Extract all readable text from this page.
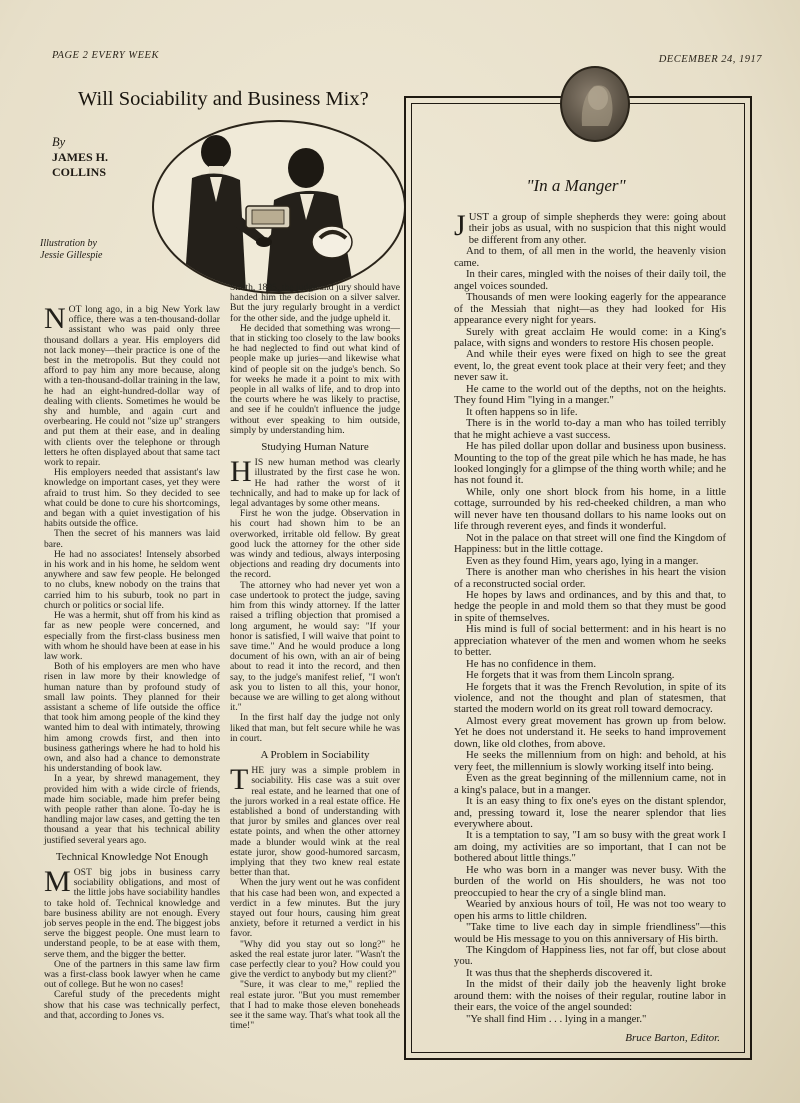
PAGE 2 EVERY WEEK	DECEMBER 24, 1917
Will Sociability and Business Mix?
By
JAMES H.
COLLINS
Illustration by
Jessie Gillespie

NOT long ago, in a big New York law office, there was a ten-thousand-dollar assistant who was paid only three thousand dollars a year. His employers did not lack money—their practice is one of the best in the metropolis. But they could not afford to pay him any more because, along with a ten-thousand-dollar training in the law, he had an eight-hundred-dollar way of dealing with clients. Sometimes he would be shy and humble, and again curt and overbearing. He could not "size up" strangers and put them at their ease, and in dealing with clients over the telephone or through letters he often displayed about that same tact work to repair.

His employers needed that assistant's law knowledge on important cases, yet they were afraid to trust him. So they decided to see what could be done to cure his shortcomings, and began with a quiet investigation of his habits outside the office.

Then the secret of his manners was laid bare.

He had no associates! Intensely absorbed in his work and in his home, he seldom went anywhere and saw few people. He belonged to no clubs, knew nobody on the trains that carried him to his suburb, took no part in church or politics or social life.

He was a hermit, shut off from his kind as far as new people were concerned, and especially from the first-class business men with whom he should have been at ease in his law work.

Both of his employers are men who have risen in law more by their knowledge of human nature than by profound study of small law points. They planned for their assistant a scheme of life outside the office that took him among people of the kind they wanted him to deal with intimately, throwing him among crowds first, and then into business gatherings where he had to hold his own, and also had a chance to demonstrate his understanding of book law.

In a year, by shrewd management, they provided him with a wide circle of friends, made him sociable, made him prefer being with people rather than alone. To-day he is handling major law cases, and getting the ten thousand a year that his technical ability justified several years ago.

Technical Knowledge Not Enough

MOST big jobs in business carry sociability obligations, and most of the little jobs have sociability handles to take hold of. Technical knowledge and bare business ability are not enough. Every job serves people in the end. The biggest jobs serve the biggest people. One must learn to understand people, to be at ease with them, serve them, and the bigger the better.

One of the partners in this same law firm was a first-class book lawyer when he came out of college. But he won no cases!

Careful study of the precedents might show that his case was technically perfect, and that, according to Jones vs.

Smith, 1885, the judge and jury should have handed him the decision on a silver salver. But the jury regularly brought in a verdict for the other side, and the judge upheld it.

He decided that something was wrong—that in sticking too closely to the law books he had neglected to find out what kind of people make up juries—and likewise what kind of people sit on the judge's bench. So for weeks he made it a point to mix with people in all walks of life, and to drop into the courts where he was likely to practise, and see if he couldn't influence the judge without ever speaking to him outside, simply by understanding him.

Studying Human Nature

HIS new human method was clearly illustrated by the first case he won. He had rather the worst of it technically, and had to make up for lack of legal advantages by some other means.

First he won the judge. Observation in his court had shown him to be an overworked, irritable old fellow. By great good luck the attorney for the other side was windy and tedious, always interposing objections and reading dry documents into the record.

The attorney who had never yet won a case undertook to protect the judge, saving him from this windy attorney. If the latter raised a trifling objection that promised a long argument, he would say: "If your honor is satisfied, I will waive that point to save time." And he would produce a long document of his own, with an air of being about to read it into the record, and then say, to the judge's manifest relief, "I won't ask you to listen to all this, your honor, because we are willing to get along without it."

In the first half day the judge not only liked that man, but felt secure while he was in court.

A Problem in Sociability

THE jury was a simple problem in sociability. His case was a suit over real estate, and he learned that one of the jurors worked in a real estate office. He established a bond of understanding with that juror by smiles and glances over real estate points, and when the other attorney made a blunder would wink at the real estate juror, show good-humored sarcasm, implying that they two knew real estate better than that.

When the jury went out he was confident that his case had been won, and expected a verdict in a few minutes. But the jury stayed out four hours, causing him great anxiety, before it returned a verdict in his favor.

"Why did you stay out so long?" he asked the real estate juror later. "Wasn't the case perfectly clear to you? How could you give the verdict to anybody but my client?"

"Sure, it was clear to me," replied the real estate juror. "But you must remember that I had to make those eleven boneheads see it the same way. That's what took all the time!"

"In a Manger"

JUST a group of simple shepherds they were: going about their jobs as usual, with no suspicion that this night would be different from any other.

And to them, of all men in the world, the heavenly vision came.

In their cares, mingled with the noises of their daily toil, the angel voices sounded.

Thousands of men were looking eagerly for the appearance of the Messiah that night—as they had looked for His appearance every night for years.

Surely with great acclaim He would come: in a King's palace, with signs and wonders to restore His chosen people.

And while their eyes were fixed on high to see the great event, lo, the great event took place at their very feet; and they never saw it.

He came to the world out of the depths, not on the heights. They found Him "lying in a manger."

It often happens so in life.

There is in the world to-day a man who has toiled terribly that he might achieve a vast success.

He has piled dollar upon dollar and business upon business. Mounting to the top of the great pile which he has made, he has looked longingly for a glimpse of the thing worth while; and he has not found it.

While, only one short block from his home, in a little cottage, surrounded by his red-cheeked children, a man who will never have ten thousand dollars to his name looks out on life through reverent eyes, and finds it wonderful.

Not in the palace on that street will one find the Kingdom of Happiness: but in the little cottage.

Even as they found Him, years ago, lying in a manger.

There is another man who cherishes in his heart the vision of a reconstructed social order.

He hopes by laws and ordinances, and by this and that, to hedge the people in and mold them so that they must be good in spite of themselves.

His mind is full of social betterment: and in his heart is no appreciation whatever of the men and women whom he seeks to better.

He has no confidence in them.

He forgets that it was from them Lincoln sprang.

He forgets that it was the French Revolution, in spite of its violence, and not the thought and plan of statesmen, that started the modern world on its great roll toward democracy.

Almost every great movement has grown up from below. Yet he does not understand it. He seeks to hand improvement down, like old clothes, from above.

He seeks the millennium from on high: and behold, at his very feet, the millennium is slowly working itself into being.

Even as the great beginning of the millennium came, not in a king's palace, but in a manger.

It is an easy thing to fix one's eyes on the distant splendor, and, pressing toward it, lose the nearer splendor that lies everywhere about.

It is a temptation to say, "I am so busy with the great work I am doing, my activities are so important, that I can not be bothered about little things."

He who was born in a manger was never busy. With the burden of the world on His shoulders, he was not too preoccupied to hear the cry of a single blind man.

Wearied by anxious hours of toil, He was not too weary to open his arms to little children.

"Take time to live each day in simple friendliness"—this would be His message to you on this anniversary of His birth.

The Kingdom of Happiness lies, not far off, but close about you.

It was thus that the shepherds discovered it.

In the midst of their daily job the heavenly light broke around them: with the noises of their regular, routine labor in their ears, the voice of the angel sounded:

"Ye shall find Him . . . lying in a manger."

Bruce Barton, Editor.
